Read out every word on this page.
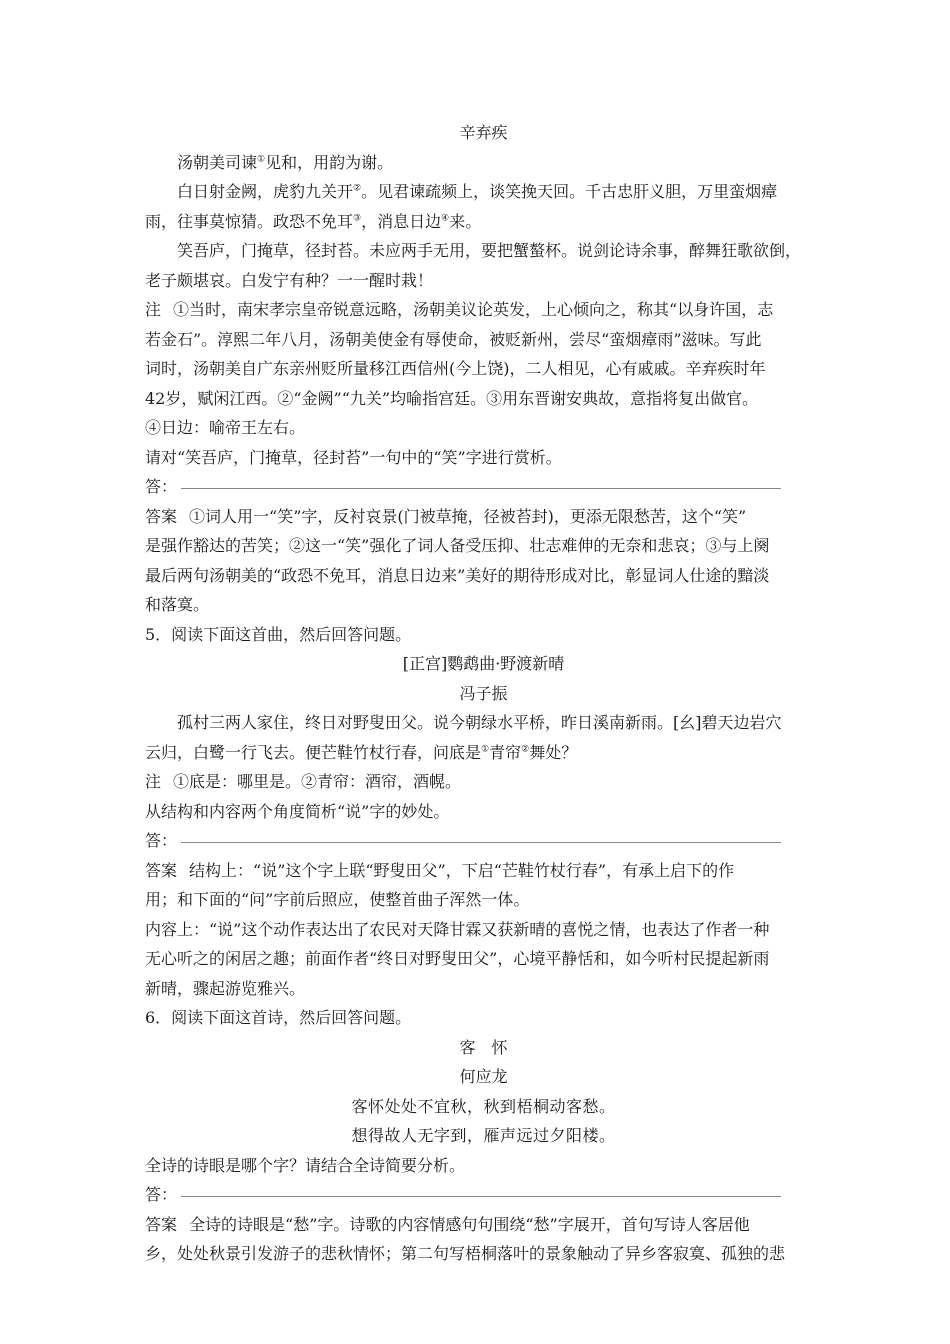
辛弃疾
汤朝美司谏①见和，用韵为谢。
白日射金阙，虎豹九关开②。见君谏疏频上，谈笑挽天回。千古忠肝义胆，万里蛮烟瘴
雨，往事莫惊猜。政恐不免耳③，消息日边④来。
笑吾庐，门掩草，径封苔。未应两手无用，要把蟹螯杯。说剑论诗余事，醉舞狂歌欲倒，
老子颇堪哀。白发宁有种？一一醒时栽！
注 ①当时，南宋孝宗皇帝锐意远略，汤朝美议论英发，上心倾向之，称其“以身许国，志
若金石”。淳熙二年八月，汤朝美使金有辱使命，被贬新州，尝尽“蛮烟瘴雨”滋味。写此
词时，汤朝美自广东亲州贬所量移江西信州(今上饶)，二人相见，心有戚戚。辛弃疾时年
42岁，赋闲江西。②“金阙”“九关”均喻指宫廷。③用东晋谢安典故，意指将复出做官。
④日边：喻帝王左右。
请对“笑吾庐，门掩草，径封苔”一句中的“笑”字进行赏析。
答：
答案 ①词人用一“笑”字，反衬哀景(门被草掩，径被苔封)，更添无限愁苦，这个“笑”
是强作豁达的苦笑；②这一“笑”强化了词人备受压抑、壮志难伸的无奈和悲哀；③与上阕
最后两句汤朝美的“政恐不免耳，消息日边来”美好的期待形成对比，彰显词人仕途的黯淡
和落寞。
5．阅读下面这首曲，然后回答问题。
[正宫]鹦鹉曲·野渡新晴
冯子振
孤村三两人家住，终日对野叟田父。说今朝绿水平桥，昨日溪南新雨。[幺]碧天边岩穴
云归，白鹭一行飞去。便芒鞋竹杖行春，问底是①青帘②舞处？
注 ①底是：哪里是。②青帘：酒帘，酒幌。
从结构和内容两个角度简析“说”字的妙处。
答：
答案 结构上：“说”这个字上联“野叟田父”，下启“芒鞋竹杖行春”，有承上启下的作
用；和下面的“问”字前后照应，使整首曲子浑然一体。
内容上：“说”这个动作表达出了农民对天降甘霖又获新晴的喜悦之情，也表达了作者一种
无心听之的闲居之趣；前面作者“终日对野叟田父”，心境平静恬和，如今听村民提起新雨
新晴，骤起游览雅兴。
6．阅读下面这首诗，然后回答问题。
客　怀
何应龙
客怀处处不宜秋，秋到梧桐动客愁。
想得故人无字到，雁声远过夕阳楼。
全诗的诗眼是哪个字？请结合全诗简要分析。
答：
答案 全诗的诗眼是“愁”字。诗歌的内容情感句句围绕“愁”字展开，首句写诗人客居他
乡，处处秋景引发游子的悲秋情怀；第二句写梧桐落叶的景象触动了异乡客寂寞、孤独的悲
